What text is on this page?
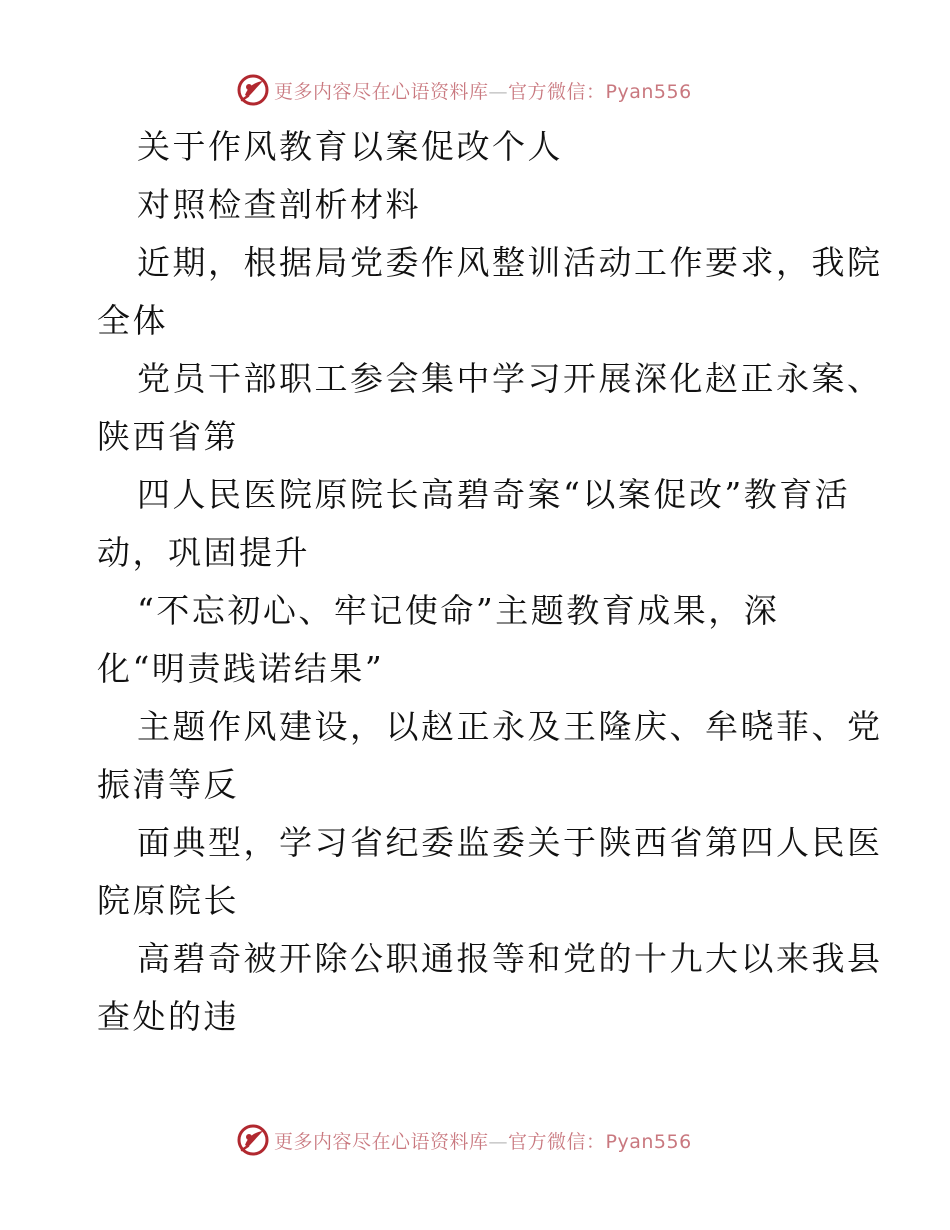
更多内容尽在心语资料库—官方微信：Pyan556
关于作风教育以案促改个人
对照检查剖析材料
近期，根据局党委作风整训活动工作要求，我院
全体
党员干部职工参会集中学习开展深化赵正永案、
陕西省第
四人民医院原院长高碧奇案“以案促改”教育活
动，巩固提升
“不忘初心、牢记使命”主题教育成果，深
化“明责践诺结果”
主题作风建设，以赵正永及王隆庆、牟晓菲、党
振清等反
面典型，学习省纪委监委关于陕西省第四人民医
院原院长
高碧奇被开除公职通报等和党的十九大以来我县
查处的违
更多内容尽在心语资料库—官方微信：Pyan556
